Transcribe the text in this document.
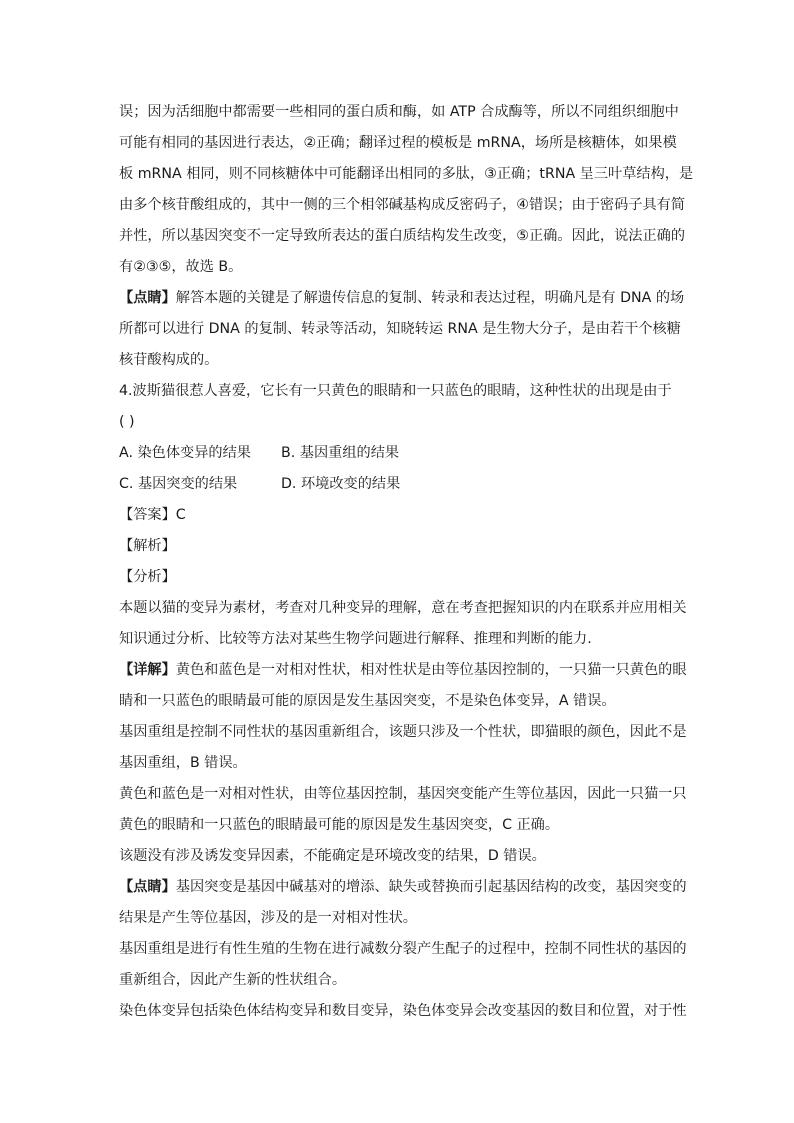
误；因为活细胞中都需要一些相同的蛋白质和酶，如 ATP 合成酶等，所以不同组织细胞中
可能有相同的基因进行表达，②正确；翻译过程的模板是 mRNA，场所是核糖体，如果模
板 mRNA 相同，则不同核糖体中可能翻译出相同的多肽，③正确；tRNA 呈三叶草结构，是
由多个核苷酸组成的，其中一侧的三个相邻碱基构成反密码子，④错误；由于密码子具有简
并性，所以基因突变不一定导致所表达的蛋白质结构发生改变，⑤正确。因此，说法正确的
有②③⑤，故选 B。
【点睛】解答本题的关键是了解遗传信息的复制、转录和表达过程，明确凡是有 DNA 的场
所都可以进行 DNA 的复制、转录等活动，知晓转运 RNA 是生物大分子，是由若干个核糖
核苷酸构成的。
4.波斯猫很惹人喜爱，它长有一只黄色的眼睛和一只蓝色的眼睛，这种性状的出现是由于
( )
A. 染色体变异的结果	B. 基因重组的结果
C. 基因突变的结果	D. 环境改变的结果
【答案】C
【解析】
【分析】
本题以猫的变异为素材，考查对几种变异的理解，意在考查把握知识的内在联系并应用相关
知识通过分析、比较等方法对某些生物学问题进行解释、推理和判断的能力.
【详解】黄色和蓝色是一对相对性状，相对性状是由等位基因控制的，一只猫一只黄色的眼
睛和一只蓝色的眼睛最可能的原因是发生基因突变，不是染色体变异，A 错误。
基因重组是控制不同性状的基因重新组合，该题只涉及一个性状，即猫眼的颜色，因此不是
基因重组，B 错误。
黄色和蓝色是一对相对性状，由等位基因控制，基因突变能产生等位基因，因此一只猫一只
黄色的眼睛和一只蓝色的眼睛最可能的原因是发生基因突变，C 正确。
该题没有涉及诱发变异因素，不能确定是环境改变的结果，D 错误。
【点睛】基因突变是基因中碱基对的增添、缺失或替换而引起基因结构的改变，基因突变的
结果是产生等位基因，涉及的是一对相对性状。
基因重组是进行有性生殖的生物在进行减数分裂产生配子的过程中，控制不同性状的基因的
重新组合，因此产生新的性状组合。
染色体变异包括染色体结构变异和数目变异，染色体变异会改变基因的数目和位置，对于性
